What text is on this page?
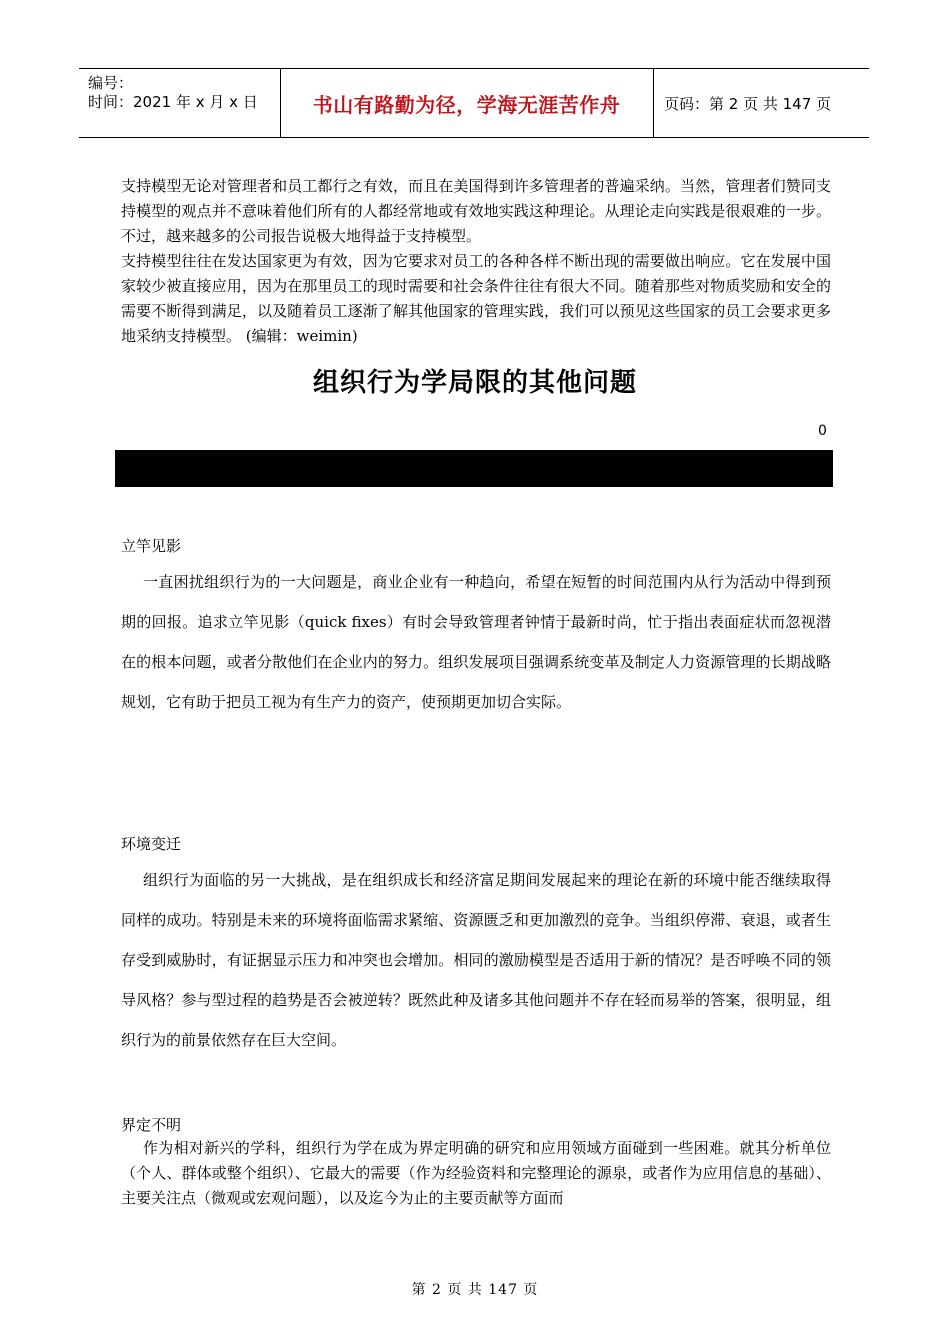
编号：
时间：2021 年 x 月 x 日	书山有路勤为径，学海无涯苦作舟	页码：第 2 页 共 147 页

支持模型无论对管理者和员工都行之有效，而且在美国得到许多管理者的普遍采纳。当然，管理者们赞同支持模型的观点并不意味着他们所有的人都经常地或有效地实践这种理论。从理论走向实践是很艰难的一步。不过，越来越多的公司报告说极大地得益于支持模型。

支持模型往往在发达国家更为有效，因为它要求对员工的各种各样不断出现的需要做出响应。它在发展中国家较少被直接应用，因为在那里员工的现时需要和社会条件往往有很大不同。随着那些对物质奖励和安全的需要不断得到满足，以及随着员工逐渐了解其他国家的管理实践，我们可以预见这些国家的员工会要求更多地采纳支持模型。 (编辑：weimin)

组织行为学局限的其他问题
0

立竿见影

一直困扰组织行为的一大问题是，商业企业有一种趋向，希望在短暂的时间范围内从行为活动中得到预期的回报。追求立竿见影（quick fixes）有时会导致管理者钟情于最新时尚，忙于指出表面症状而忽视潜在的根本问题，或者分散他们在企业内的努力。组织发展项目强调系统变革及制定人力资源管理的长期战略规划，它有助于把员工视为有生产力的资产，使预期更加切合实际。

环境变迁

组织行为面临的另一大挑战，是在组织成长和经济富足期间发展起来的理论在新的环境中能否继续取得同样的成功。特别是未来的环境将面临需求紧缩、资源匮乏和更加激烈的竞争。当组织停滞、衰退，或者生存受到威胁时，有证据显示压力和冲突也会增加。相同的激励模型是否适用于新的情况？是否呼唤不同的领导风格？参与型过程的趋势是否会被逆转？既然此种及诸多其他问题并不存在轻而易举的答案，很明显，组织行为的前景依然存在巨大空间。

界定不明

作为相对新兴的学科，组织行为学在成为界定明确的研究和应用领域方面碰到一些困难。就其分析单位（个人、群体或整个组织）、它最大的需要（作为经验资料和完整理论的源泉，或者作为应用信息的基础）、主要关注点（微观或宏观问题），以及迄今为止的主要贡献等方面而

第 2 页 共 147 页
